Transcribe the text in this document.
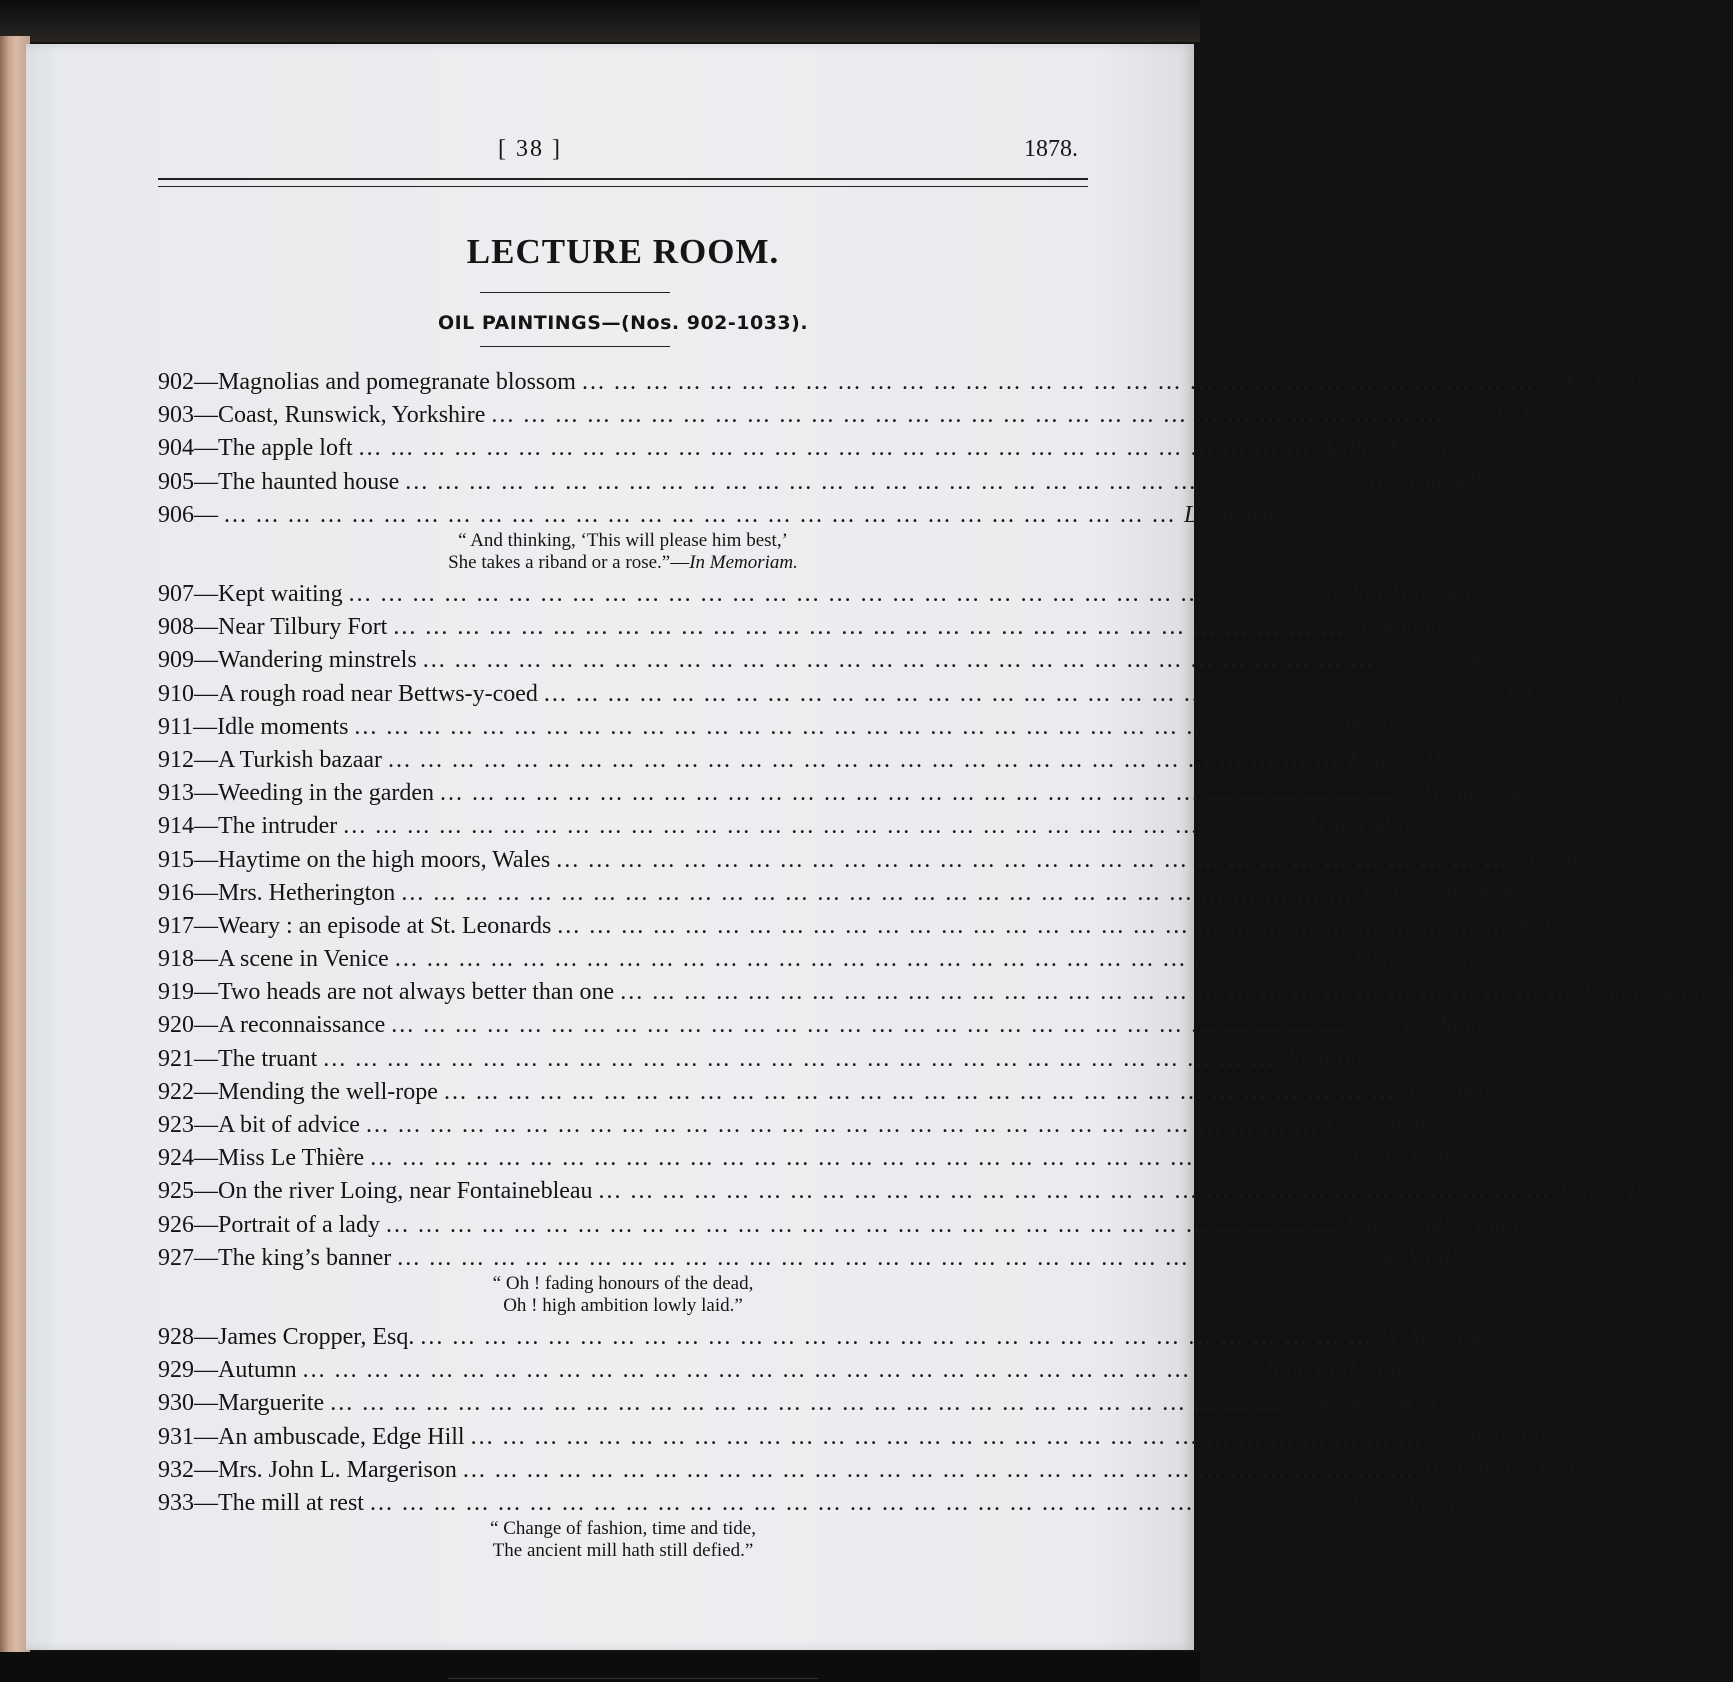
[ 38 ]	1878.
LECTURE ROOM.
OIL PAINTINGS—(Nos. 902-1033).
902— Magnolias and pomegranate blossom ... ... ... ... ... ... ... ... ... ... ... ... ... ... ... ... ... ... ... ... ... ... ... ... ... ... ... ... ... ... J. H. Bradley
903— Coast, Runswick, Yorkshire ... ... ... ... ... ... ... ... ... ... ... ... ... ... ... ... ... ... ... ... ... ... ... ... ... ... ... ... ... ... Jas. B. Birkmyer
904— The apple loft ... ... ... ... ... ... ... ... ... ... ... ... ... ... ... ... ... ... ... ... ... ... ... ... ... ... ... ... ... ... Arthur Hopkins
905— The haunted house ... ... ... ... ... ... ... ... ... ... ... ... ... ... ... ... ... ... ... ... ... ... ... ... ... ... ... ... ... ... Tristram Ellis
906— ... ... ... ... ... ... ... ... ... ... ... ... ... ... ... ... ... ... ... ... ... ... ... ... ... ... ... ... ... ... L. Mearns
“ And thinking, ‘This will please him best,’
She takes a riband or a rose.”—In Memoriam.
907— Kept waiting ... ... ... ... ... ... ... ... ... ... ... ... ... ... ... ... ... ... ... ... ... ... ... ... ... ... ... ... ... ... Gordon Thomson
908— Near Tilbury Fort ... ... ... ... ... ... ... ... ... ... ... ... ... ... ... ... ... ... ... ... ... ... ... ... ... ... ... ... ... ... A. Ragon
909— Wandering minstrels ... ... ... ... ... ... ... ... ... ... ... ... ... ... ... ... ... ... ... ... ... ... ... ... ... ... ... ... ... ... Jos. Clark
910— A rough road near Bettws-y-coed ... ... ... ... ... ... ... ... ... ... ... ... ... ... ... ... ... ... ... ... ... ... ... ... ... ... ... ... ... ... J. C. Salmon
911— Idle moments ... ... ... ... ... ... ... ... ... ... ... ... ... ... ... ... ... ... ... ... ... ... ... ... ... ... ... ... ... ... G. Hardy
912— A Turkish bazaar ... ... ... ... ... ... ... ... ... ... ... ... ... ... ... ... ... ... ... ... ... ... ... ... ... ... ... ... ... ... Eugène Pavy
913— Weeding in the garden ... ... ... ... ... ... ... ... ... ... ... ... ... ... ... ... ... ... ... ... ... ... ... ... ... ... ... ... ... ... J. Henderson
914— The intruder ... ... ... ... ... ... ... ... ... ... ... ... ... ... ... ... ... ... ... ... ... ... ... ... ... ... ... ... ... ... Arthur Hill
915— Haytime on the high moors, Wales ... ... ... ... ... ... ... ... ... ... ... ... ... ... ... ... ... ... ... ... ... ... ... ... ... ... ... ... ... ... D. Bates
916— Mrs. Hetherington ... ... ... ... ... ... ... ... ... ... ... ... ... ... ... ... ... ... ... ... ... ... ... ... ... ... ... ... ... ... W. P. Frith, R.A.
917— Weary : an episode at St. Leonards ... ... ... ... ... ... ... ... ... ... ... ... ... ... ... ... ... ... ... ... ... ... ... ... ... ... ... ... ... ... N. Chevalier
918— A scene in Venice ... ... ... ... ... ... ... ... ... ... ... ... ... ... ... ... ... ... ... ... ... ... ... ... ... ... ... ... ... ... Henry Woods
919— Two heads are not always better than one ... ... ... ... ... ... ... ... ... ... ... ... ... ... ... ... ... ... ... ... ... ... ... ... ... ... ... ... ... ... John P. Stafford
920— A reconnaissance ... ... ... ... ... ... ... ... ... ... ... ... ... ... ... ... ... ... ... ... ... ... ... ... ... ... ... ... ... ... Geo. F. Munn
921— The truant ... ... ... ... ... ... ... ... ... ... ... ... ... ... ... ... ... ... ... ... ... ... ... ... ... ... ... ... ... ... John Burr
922— Mending the well-rope ... ... ... ... ... ... ... ... ... ... ... ... ... ... ... ... ... ... ... ... ... ... ... ... ... ... ... ... ... ... J. C. Waite
923— A bit of advice ... ... ... ... ... ... ... ... ... ... ... ... ... ... ... ... ... ... ... ... ... ... ... ... ... ... ... ... ... ... Geo. Smith
924— Miss Le Thière ... ... ... ... ... ... ... ... ... ... ... ... ... ... ... ... ... ... ... ... ... ... ... ... ... ... ... ... ... ... Julia B. Folkard
925— On the river Loing, near Fontainebleau ... ... ... ... ... ... ... ... ... ... ... ... ... ... ... ... ... ... ... ... ... ... ... ... ... ... ... ... ... ... Ernest Parton
926— Portrait of a lady ... ... ... ... ... ... ... ... ... ... ... ... ... ... ... ... ... ... ... ... ... ... ... ... ... ... ... ... ... ... Fanny Sutherland
927— The king’s banner ... ... ... ... ... ... ... ... ... ... ... ... ... ... ... ... ... ... ... ... ... ... ... ... ... ... ... ... ... ... S. E. Waller
“ Oh ! fading honours of the dead,
Oh ! high ambition lowly laid.”
928— James Cropper, Esq. ... ... ... ... ... ... ... ... ... ... ... ... ... ... ... ... ... ... ... ... ... ... ... ... ... ... ... ... ... ... W. W. Ouless, A.
929— Autumn ... ... ... ... ... ... ... ... ... ... ... ... ... ... ... ... ... ... ... ... ... ... ... ... ... ... ... ... ... ... John Fulleylove
930— Marguerite ... ... ... ... ... ... ... ... ... ... ... ... ... ... ... ... ... ... ... ... ... ... ... ... ... ... ... ... ... ... A. Elmore, R.A.
931— An ambuscade, Edge Hill ... ... ... ... ... ... ... ... ... ... ... ... ... ... ... ... ... ... ... ... ... ... ... ... ... ... ... ... ... ... Seymour Lucas
932— Mrs. John L. Margerison ... ... ... ... ... ... ... ... ... ... ... ... ... ... ... ... ... ... ... ... ... ... ... ... ... ... ... ... ... ... H. T. Wells, R.A.
933— The mill at rest ... ... ... ... ... ... ... ... ... ... ... ... ... ... ... ... ... ... ... ... ... ... ... ... ... ... ... ... ... ... John S. Rawle
“ Change of fashion, time and tide,
The ancient mill hath still defied.”
